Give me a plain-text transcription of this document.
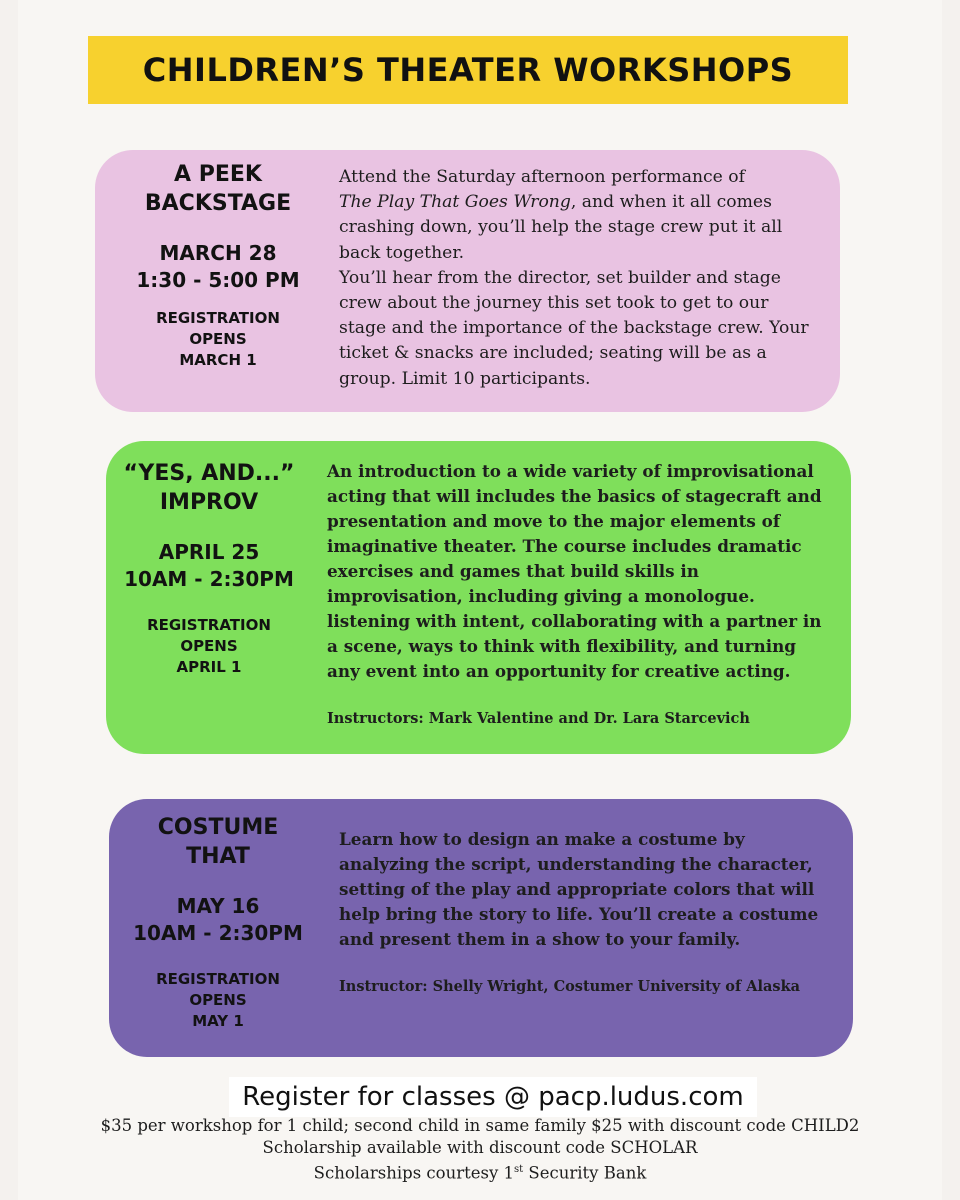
CHILDREN’S THEATER WORKSHOPS
A PEEK
BACKSTAGE
MARCH 28
1:30 - 5:00 PM
REGISTRATION
OPENS
MARCH 1

Attend the Saturday afternoon performance of
The Play That Goes Wrong, and when it all comes crashing down, you’ll help the stage crew put it all back together.

You’ll hear from the director, set builder and stage crew about the journey this set took to get to our stage and the importance of the backstage crew. Your ticket & snacks are included; seating will be as a group. Limit 10 participants.

“YES, AND...”
IMPROV
APRIL 25
10AM - 2:30PM
REGISTRATION
OPENS
APRIL 1

An introduction to a wide variety of improvisational acting that will includes the basics of stagecraft and presentation and move to the major elements of imaginative theater. The course includes dramatic exercises and games that build skills in improvisation, including giving a monologue. listening with intent, collaborating with a partner in a scene, ways to think with flexibility, and turning any event into an opportunity for creative acting.

Instructors: Mark Valentine and Dr. Lara Starcevich

COSTUME
THAT
MAY 16
10AM - 2:30PM
REGISTRATION
OPENS
MAY 1

Learn how to design an make a costume by analyzing the script, understanding the character, setting of the play and appropriate colors that will help bring the story to life. You’ll create a costume and present them in a show to your family.

Instructor: Shelly Wright, Costumer University of Alaska

Register for classes @ pacp.ludus.com
$35 per workshop for 1 child; second child in same family $25 with discount code CHILD2
Scholarship available with discount code SCHOLAR
Scholarships courtesy 1st Security Bank
